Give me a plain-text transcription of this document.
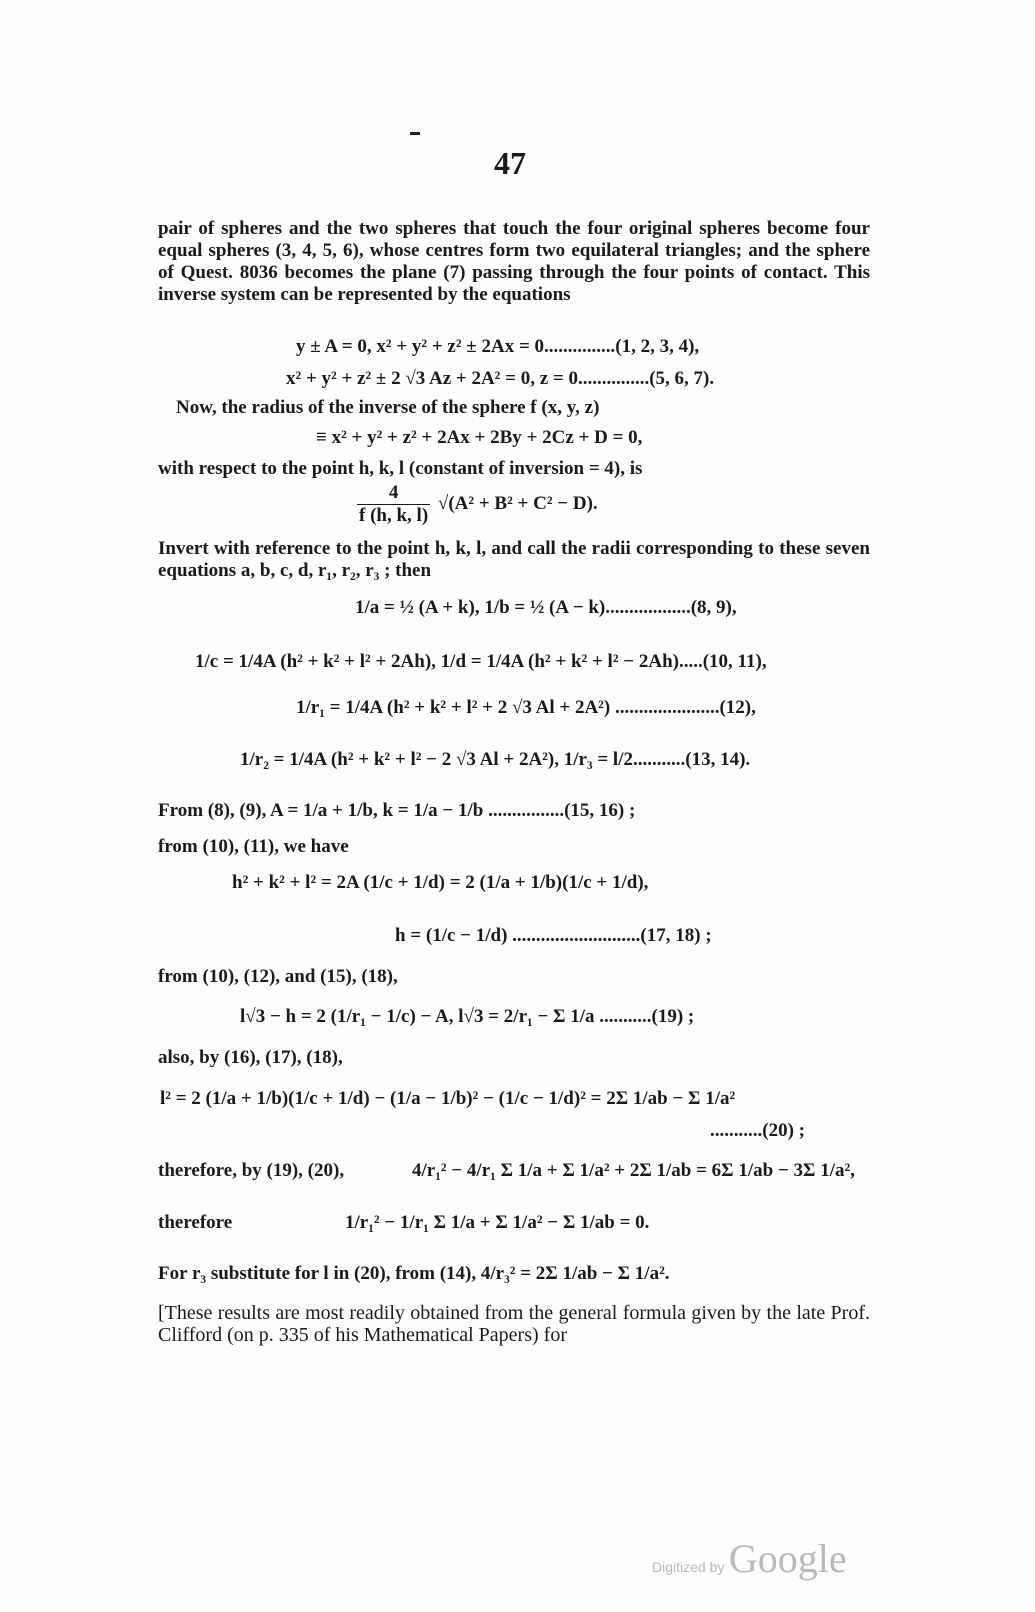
47
pair of spheres and the two spheres that touch the four original spheres become four equal spheres (3, 4, 5, 6), whose centres form two equilateral triangles; and the sphere of Quest. 8036 becomes the plane (7) passing through the four points of contact. This inverse system can be represented by the equations
y ± A = 0, x² + y² + z² ± 2Ax = 0...............(1, 2, 3, 4),
x² + y² + z² ± 2 √3 Az + 2A² = 0, z = 0...............(5, 6, 7).
Now, the radius of the inverse of the sphere f (x, y, z)
≡ x² + y² + z² + 2Ax + 2By + 2Cz + D = 0,
with respect to the point h, k, l (constant of inversion = 4), is
$\frac{4}{f (h, k, l)} √(A^2 + B^2 + C^2 - D)$.
Invert with reference to the point h, k, l, and call the radii corresponding to these seven equations a, b, c, d, r₁, r₂, r₃ ; then
1/a = ½ (A + k), 1/b = ½ (A − k)..................(8, 9),
1/c = 1/4A (h² + k² + l² + 2Ah), 1/d = 1/4A (h² + k² + l² − 2Ah).....(10, 11),
1/r₁ = 1/4A (h² + k² + l² + 2 √3 Al + 2A²) ......................(12),
1/r₂ = 1/4A (h² + k² + l² − 2 √3 Al + 2A²), 1/r₃ = l/2...........(13, 14).
From (8), (9), A = 1/a + 1/b, k = 1/a − 1/b ................(15, 16) ;
from (10), (11), we have
h² + k² + l² = 2A (1/c + 1/d) = 2 (1/a + 1/b)(1/c + 1/d),
h = (1/c − 1/d) ...........................(17, 18) ;
from (10), (12), and (15), (18),
l√3 − h = 2 (1/r₁ − 1/c) − A, l√3 = 2/r₁ − Σ 1/a ...........(19) ;
also, by (16), (17), (18),
l² = 2 (1/a + 1/b)(1/c + 1/d) − (1/a − 1/b)² − (1/c − 1/d)² = 2Σ 1/ab − Σ 1/a²
...........(20) ;
therefore, by (19), (20),	4/r₁² − 4/r₁ Σ 1/a + Σ 1/a² + 2Σ 1/ab = 6Σ 1/ab − 3Σ 1/a²,
therefore	1/r₁² − 1/r₁ Σ 1/a + Σ 1/a² − Σ 1/ab = 0.
For r₃ substitute for l in (20), from (14), 4/r₃² = 2Σ 1/ab − Σ 1/a².
[These results are most readily obtained from the general formula given by the late Prof. Clifford (on p. 335 of his Mathematical Papers) for
Digitized by Google
